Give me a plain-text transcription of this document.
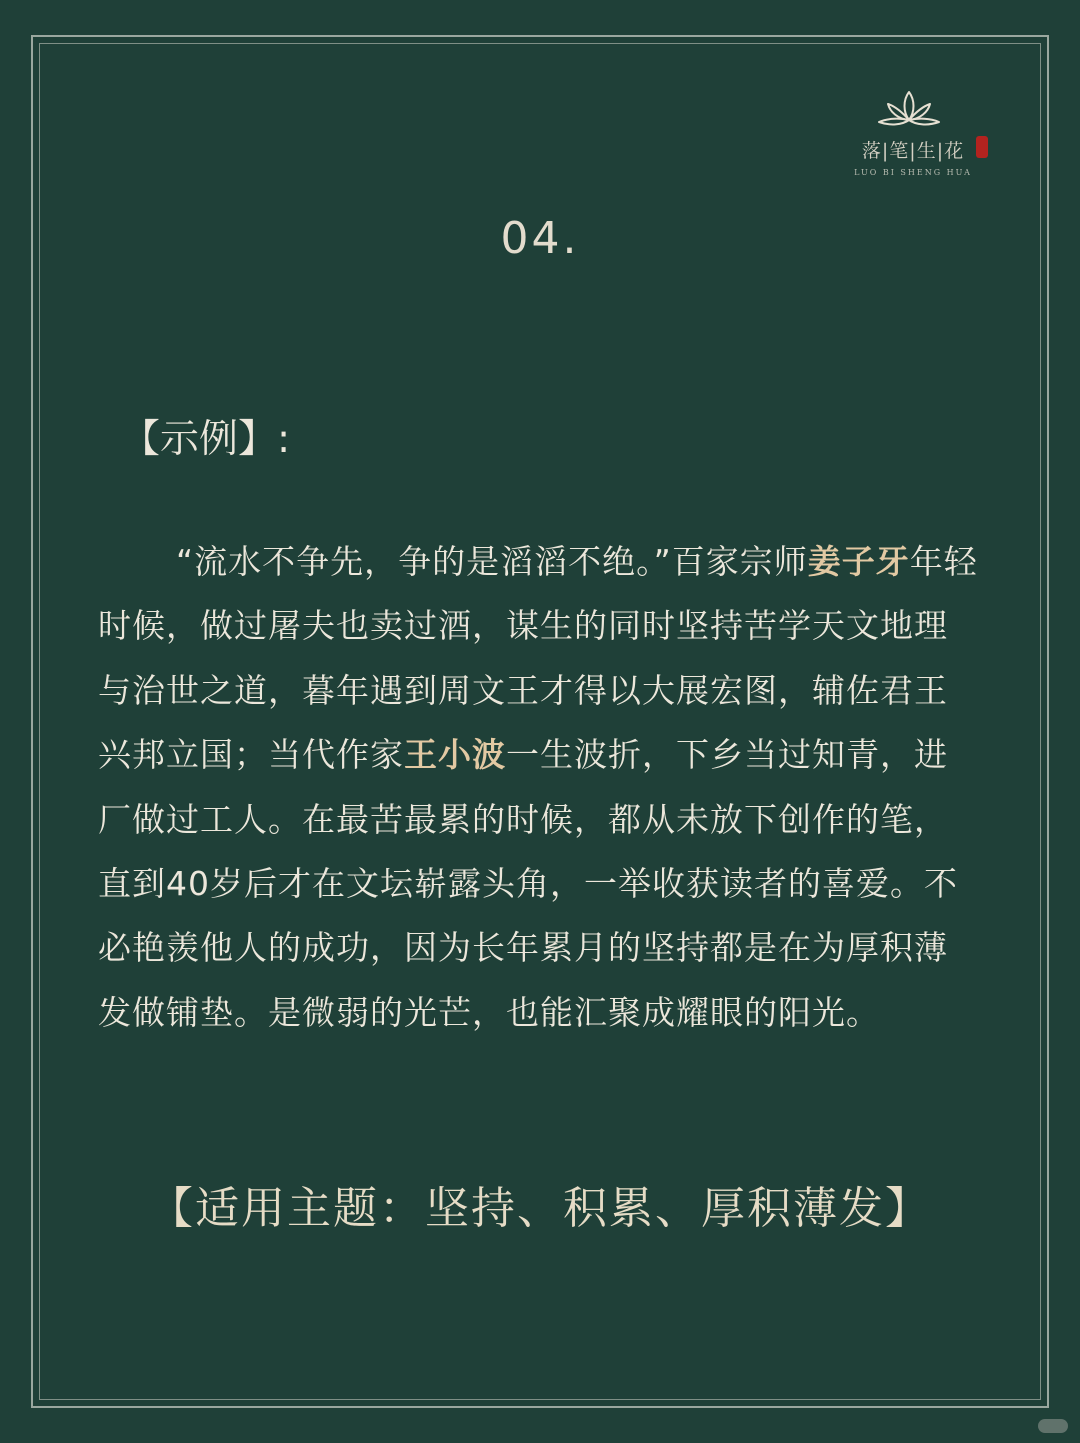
落|笔|生|花
LUO BI SHENG HUA
04.
【示例】:

“流水不争先，争的是滔滔不绝。”百家宗师姜子牙年轻时候，做过屠夫也卖过酒，谋生的同时坚持苦学天文地理与治世之道，暮年遇到周文王才得以大展宏图，辅佐君王兴邦立国；当代作家王小波一生波折，下乡当过知青，进厂做过工人。在最苦最累的时候，都从未放下创作的笔，直到40岁后才在文坛崭露头角，一举收获读者的喜爱。不必艳羡他人的成功，因为长年累月的坚持都是在为厚积薄发做铺垫。是微弱的光芒，也能汇聚成耀眼的阳光。

【适用主题：坚持、积累、厚积薄发】
